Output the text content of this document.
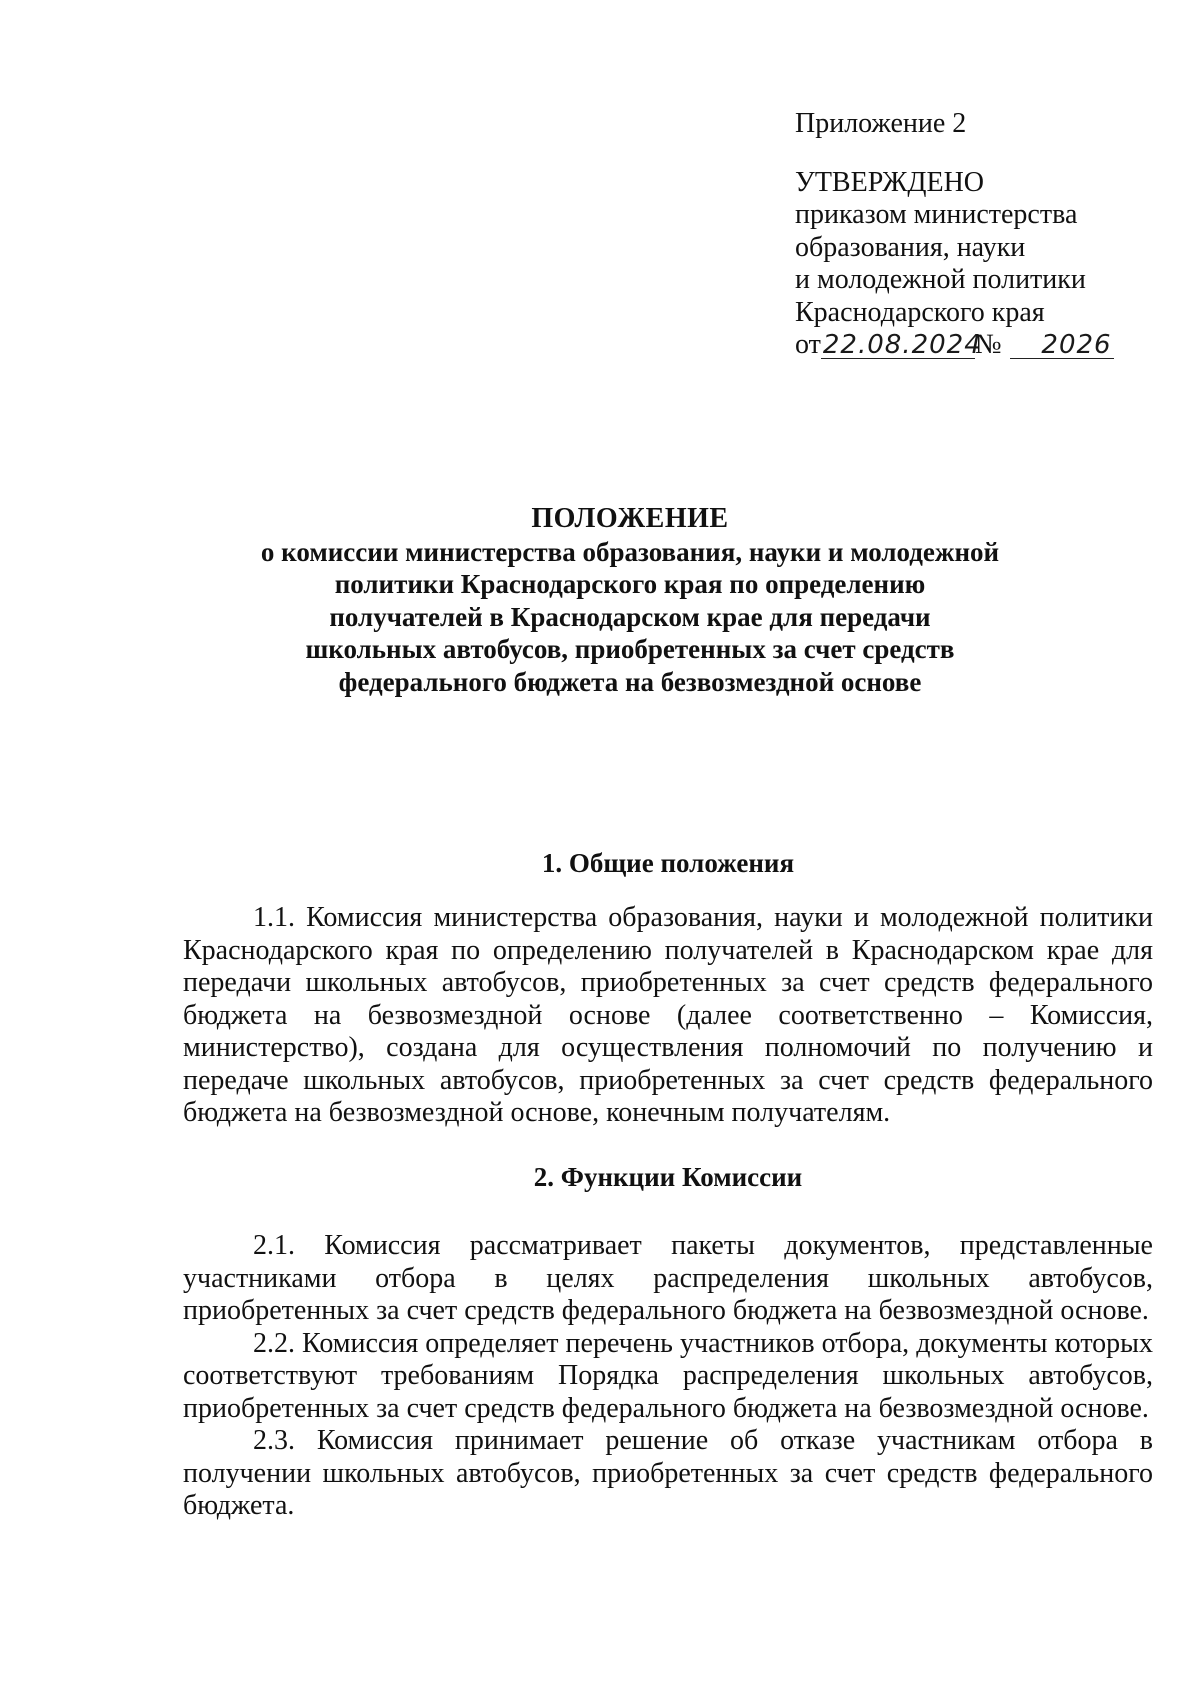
Приложение 2
УТВЕРЖДЕНО
приказом министерства
образования, науки
и молодежной политики
Краснодарского края
от22.08.2024№ 2026
ПОЛОЖЕНИЕ
о комиссии министерства образования, науки и молодежной
политики Краснодарского края по определению
получателей в Краснодарском крае для передачи
школьных автобусов, приобретенных за счет средств
федерального бюджета на безвозмездной основе
1. Общие положения

1.1. Комиссия министерства образования, науки и молодежной политики Краснодарского края по определению получателей в Краснодарском крае для передачи школьных автобусов, приобретенных за счет средств федерального бюджета на безвозмездной основе (далее соответственно – Комиссия, министерство), создана для осуществления полномочий по получению и передаче школьных автобусов, приобретенных за счет средств федерального бюджета на безвозмездной основе, конечным получателям.

2. Функции Комиссии

2.1. Комиссия рассматривает пакеты документов, представленные участниками отбора в целях распределения школьных автобусов, приобретенных за счет средств федерального бюджета на безвозмездной основе.

2.2. Комиссия определяет перечень участников отбора, документы которых соответствуют требованиям Порядка распределения школьных автобусов, приобретенных за счет средств федерального бюджета на безвозмездной основе.

2.3. Комиссия принимает решение об отказе участникам отбора в получении школьных автобусов, приобретенных за счет средств федерального бюджета.
